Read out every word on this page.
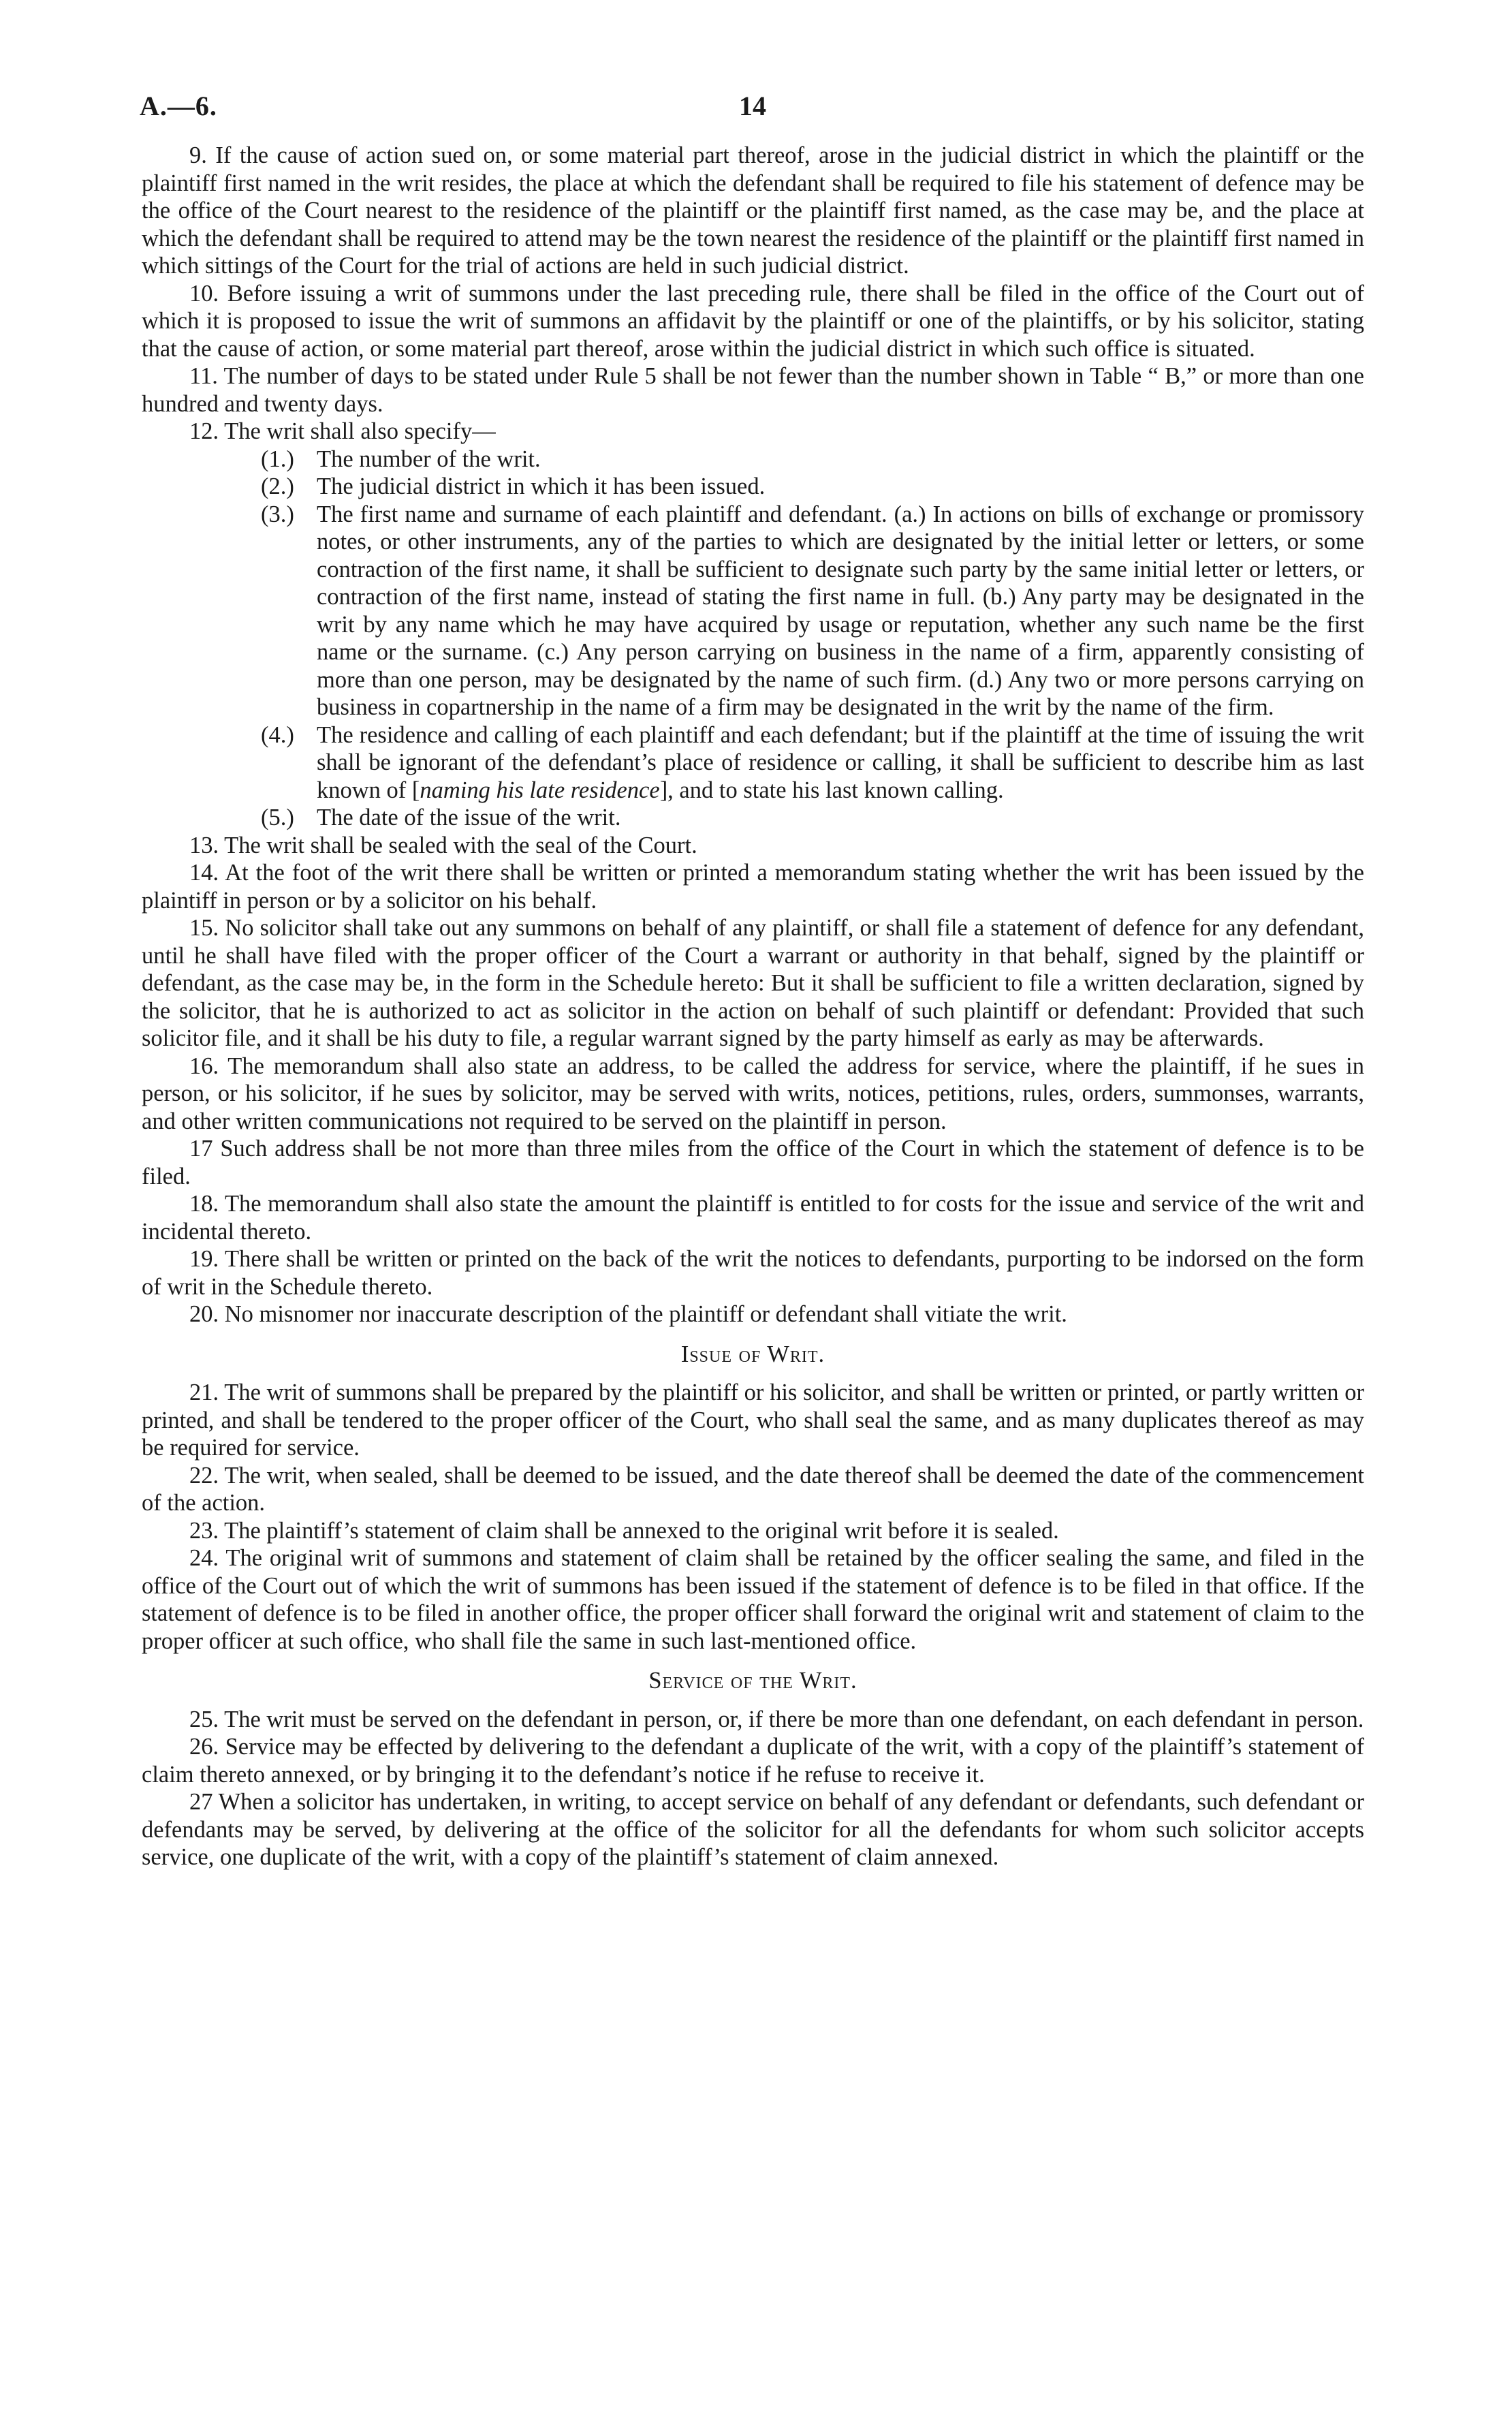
A.—6.	14

9. If the cause of action sued on, or some material part thereof, arose in the judicial district in which the plaintiff or the plaintiff first named in the writ resides, the place at which the defendant shall be required to file his statement of defence may be the office of the Court nearest to the residence of the plaintiff or the plaintiff first named, as the case may be, and the place at which the defendant shall be required to attend may be the town nearest the residence of the plaintiff or the plaintiff first named in which sittings of the Court for the trial of actions are held in such judicial district.

10. Before issuing a writ of summons under the last preceding rule, there shall be filed in the office of the Court out of which it is proposed to issue the writ of summons an affidavit by the plaintiff or one of the plaintiffs, or by his solicitor, stating that the cause of action, or some material part thereof, arose within the judicial district in which such office is situated.

11. The number of days to be stated under Rule 5 shall be not fewer than the number shown in Table “ B,” or more than one hundred and twenty days.

12. The writ shall also specify—

(1.) The number of the writ.
(2.) The judicial district in which it has been issued.
(3.) The first name and surname of each plaintiff and defendant. (a.) In actions on bills of exchange or promissory notes, or other instruments, any of the parties to which are designated by the initial letter or letters, or some contraction of the first name, it shall be sufficient to designate such party by the same initial letter or letters, or contraction of the first name, instead of stating the first name in full. (b.) Any party may be designated in the writ by any name which he may have acquired by usage or reputation, whether any such name be the first name or the surname. (c.) Any person carrying on business in the name of a firm, apparently consisting of more than one person, may be designated by the name of such firm. (d.) Any two or more persons carrying on business in copartnership in the name of a firm may be designated in the writ by the name of the firm.
(4.) The residence and calling of each plaintiff and each defendant; but if the plaintiff at the time of issuing the writ shall be ignorant of the defendant’s place of residence or calling, it shall be sufficient to describe him as last known of [naming his late residence], and to state his last known calling.
(5.) The date of the issue of the writ.

13. The writ shall be sealed with the seal of the Court.

14. At the foot of the writ there shall be written or printed a memorandum stating whether the writ has been issued by the plaintiff in person or by a solicitor on his behalf.

15. No solicitor shall take out any summons on behalf of any plaintiff, or shall file a statement of defence for any defendant, until he shall have filed with the proper officer of the Court a warrant or authority in that behalf, signed by the plaintiff or defendant, as the case may be, in the form in the Schedule hereto: But it shall be sufficient to file a written declaration, signed by the solicitor, that he is authorized to act as solicitor in the action on behalf of such plaintiff or defendant: Provided that such solicitor file, and it shall be his duty to file, a regular warrant signed by the party himself as early as may be afterwards.

16. The memorandum shall also state an address, to be called the address for service, where the plaintiff, if he sues in person, or his solicitor, if he sues by solicitor, may be served with writs, notices, petitions, rules, orders, summonses, warrants, and other written communications not required to be served on the plaintiff in person.

17 Such address shall be not more than three miles from the office of the Court in which the statement of defence is to be filed.

18. The memorandum shall also state the amount the plaintiff is entitled to for costs for the issue and service of the writ and incidental thereto.

19. There shall be written or printed on the back of the writ the notices to defendants, purporting to be indorsed on the form of writ in the Schedule thereto.

20. No misnomer nor inaccurate description of the plaintiff or defendant shall vitiate the writ.

Issue of Writ.

21. The writ of summons shall be prepared by the plaintiff or his solicitor, and shall be written or printed, or partly written or printed, and shall be tendered to the proper officer of the Court, who shall seal the same, and as many duplicates thereof as may be required for service.

22. The writ, when sealed, shall be deemed to be issued, and the date thereof shall be deemed the date of the commencement of the action.

23. The plaintiff’s statement of claim shall be annexed to the original writ before it is sealed.

24. The original writ of summons and statement of claim shall be retained by the officer sealing the same, and filed in the office of the Court out of which the writ of summons has been issued if the statement of defence is to be filed in that office. If the statement of defence is to be filed in another office, the proper officer shall forward the original writ and statement of claim to the proper officer at such office, who shall file the same in such last-mentioned office.

Service of the Writ.

25. The writ must be served on the defendant in person, or, if there be more than one defendant, on each defendant in person.

26. Service may be effected by delivering to the defendant a duplicate of the writ, with a copy of the plaintiff’s statement of claim thereto annexed, or by bringing it to the defendant’s notice if he refuse to receive it.

27 When a solicitor has undertaken, in writing, to accept service on behalf of any defendant or defendants, such defendant or defendants may be served, by delivering at the office of the solicitor for all the defendants for whom such solicitor accepts service, one duplicate of the writ, with a copy of the plaintiff’s statement of claim annexed.
